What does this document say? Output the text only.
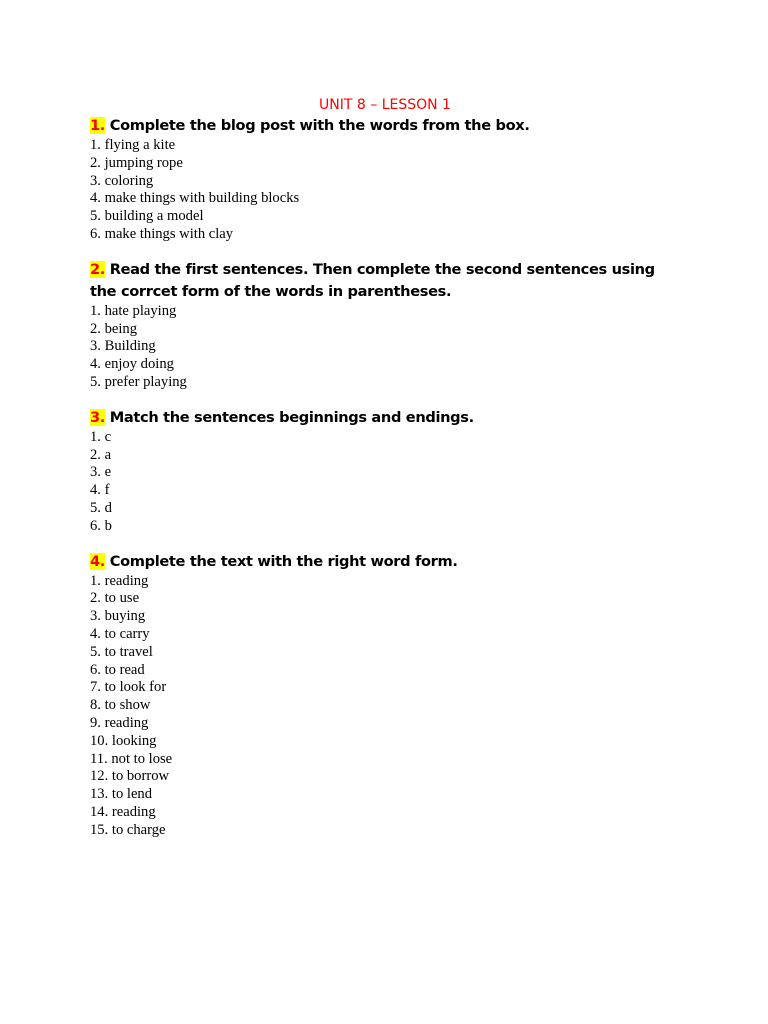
UNIT 8 – LESSON 1

1. Complete the blog post with the words from the box.

1. flying a kite
2. jumping rope
3. coloring
4. make things with building blocks
5. building a model
6. make things with clay

2. Read the first sentences. Then complete the second sentences using the corrcet form of the words in parentheses.

1. hate playing
2. being
3. Building
4. enjoy doing
5. prefer playing

3. Match the sentences beginnings and endings.

1. c
2. a
3. e
4. f
5. d
6. b

4. Complete the text with the right word form.

1. reading
2. to use
3. buying
4. to carry
5. to travel
6. to read
7. to look for
8. to show
9. reading
10. looking
11. not to lose
12. to borrow
13. to lend
14. reading
15. to charge
